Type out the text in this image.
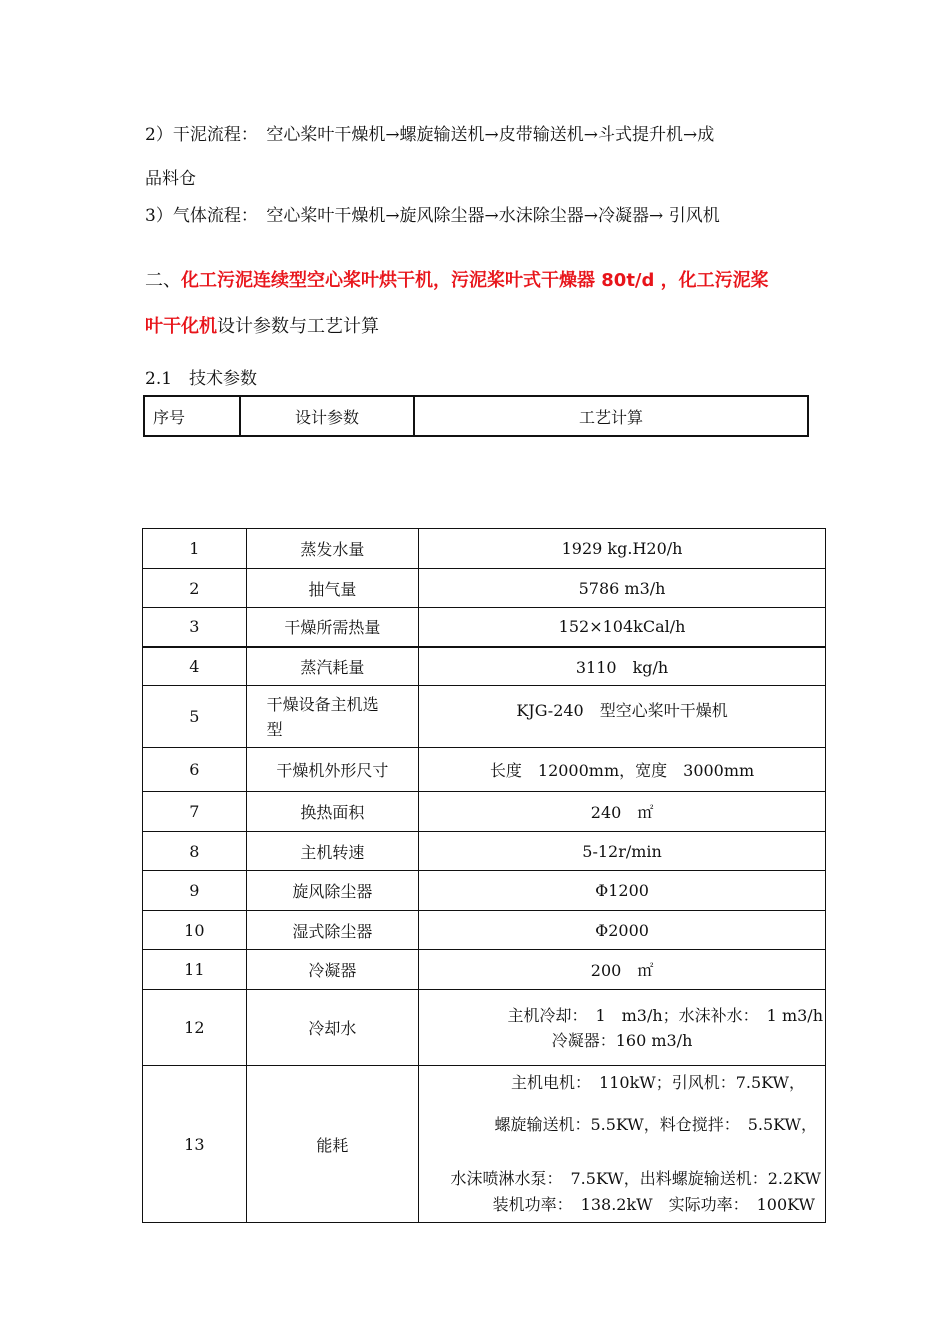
2）干泥流程：　空心桨叶干燥机→螺旋输送机→皮带输送机→斗式提升机→成
品料仓
3）气体流程：　空心桨叶干燥机→旋风除尘器→水沫除尘器→冷凝器→ 引风机
二、化工污泥连续型空心桨叶烘干机，污泥桨叶式干燥器 80t/d ，化工污泥桨
叶干化机设计参数与工艺计算
2.1　技术参数
序号	设计参数	工艺计算
1	蒸发水量	1929 kg.H20/h
2	抽气量	5786 m3/h
3	干燥所需热量	152×104kCal/h
4	蒸汽耗量	3110　kg/h
5	干燥设备主机选
型	KJG-240　型空心桨叶干燥机
6	干燥机外形尺寸	长度　12000mm，宽度　3000mm
7	换热面积	240　㎡
8	主机转速	5-12r/min
9	旋风除尘器	Φ1200
10	湿式除尘器	Φ2000
11	冷凝器	200　㎡
12	冷却水	主机冷却：　1　m3/h；水沫补水：　1 m3/h
冷凝器：160 m3/h

13	能耗	主机电机：　110kW；引风机：7.5KW，
螺旋输送机：5.5KW，料仓搅拌：　5.5KW，
水沫喷淋水泵：　7.5KW，出料螺旋输送机：2.2KW
装机功率：　138.2kW　实际功率：　100KW
